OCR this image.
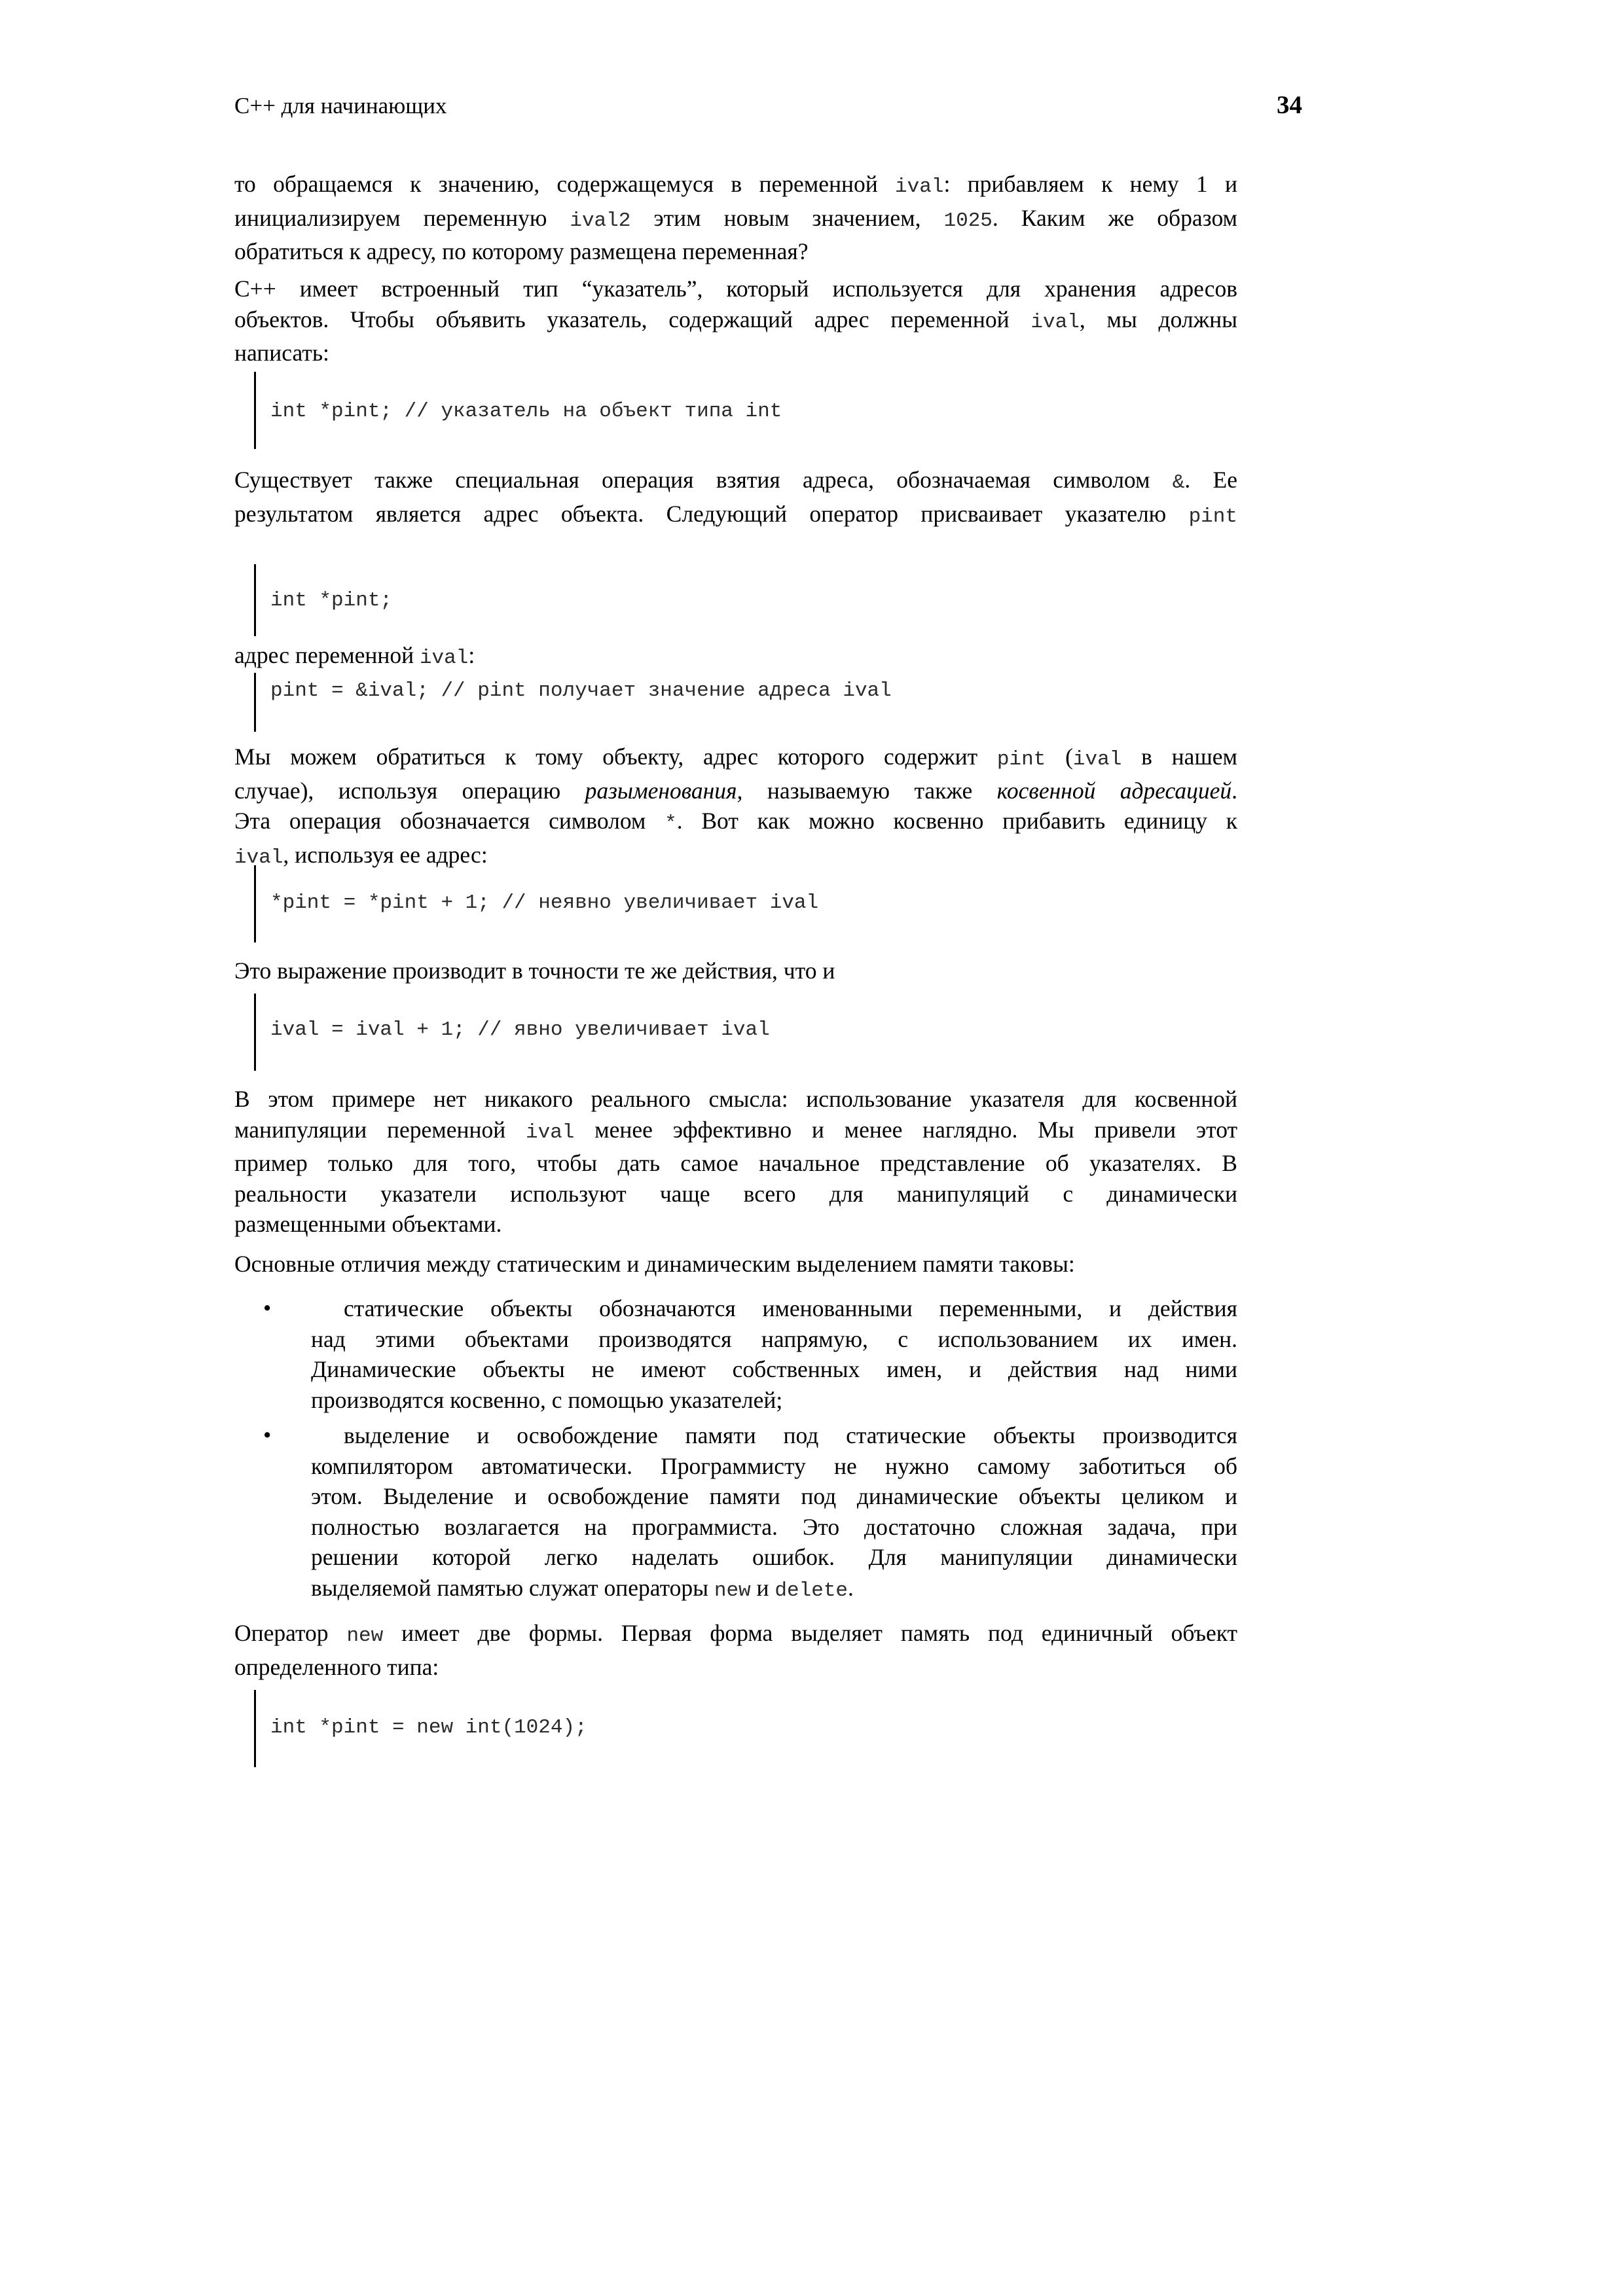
C++ для начинающих	34
то обращаемся к значению, содержащемуся в переменной ival: прибавляем к нему 1 и
инициализируем переменную ival2 этим новым значением, 1025. Каким же образом
обратиться к адресу, по которому размещена переменная?
С++ имеет встроенный тип “указатель”, который используется для хранения адресов
объектов. Чтобы объявить указатель, содержащий адрес переменной ival, мы должны
написать:

int *pint; // указатель на объект типа int

Существует также специальная операция взятия адреса, обозначаемая символом &. Ее
результатом является адрес объекта. Следующий оператор присваивает указателю pint

int *pint;

адрес переменной ival:

pint = &ival; // pint получает значение адреса ival

Мы можем обратиться к тому объекту, адрес которого содержит pint (ival в нашем
случае), используя операцию разыменования, называемую также косвенной адресацией.
Эта операция обозначается символом *. Вот как можно косвенно прибавить единицу к
ival, используя ее адрес:

*pint = *pint + 1; // неявно увеличивает ival

Это выражение производит в точности те же действия, что и

ival = ival + 1; // явно увеличивает ival

В этом примере нет никакого реального смысла: использование указателя для косвенной
манипуляции переменной ival менее эффективно и менее наглядно. Мы привели этот
пример только для того, чтобы дать самое начальное представление об указателях. В
реальности указатели используют чаще всего для манипуляций с динамически
размещенными объектами.
Основные отличия между статическим и динамическим выделением памяти таковы:
•	статические объекты обозначаются именованными переменными, и действия
над этими объектами производятся напрямую, с использованием их имен.
Динамические объекты не имеют собственных имен, и действия над ними
производятся косвенно, с помощью указателей;
•	выделение и освобождение памяти под статические объекты производится
компилятором автоматически. Программисту не нужно самому заботиться об
этом. Выделение и освобождение памяти под динамические объекты целиком и
полностью возлагается на программиста. Это достаточно сложная задача, при
решении которой легко наделать ошибок. Для манипуляции динамически
выделяемой памятью служат операторы new и delete.
Оператор new имеет две формы. Первая форма выделяет память под единичный объект
определенного типа:

int *pint = new int(1024);
